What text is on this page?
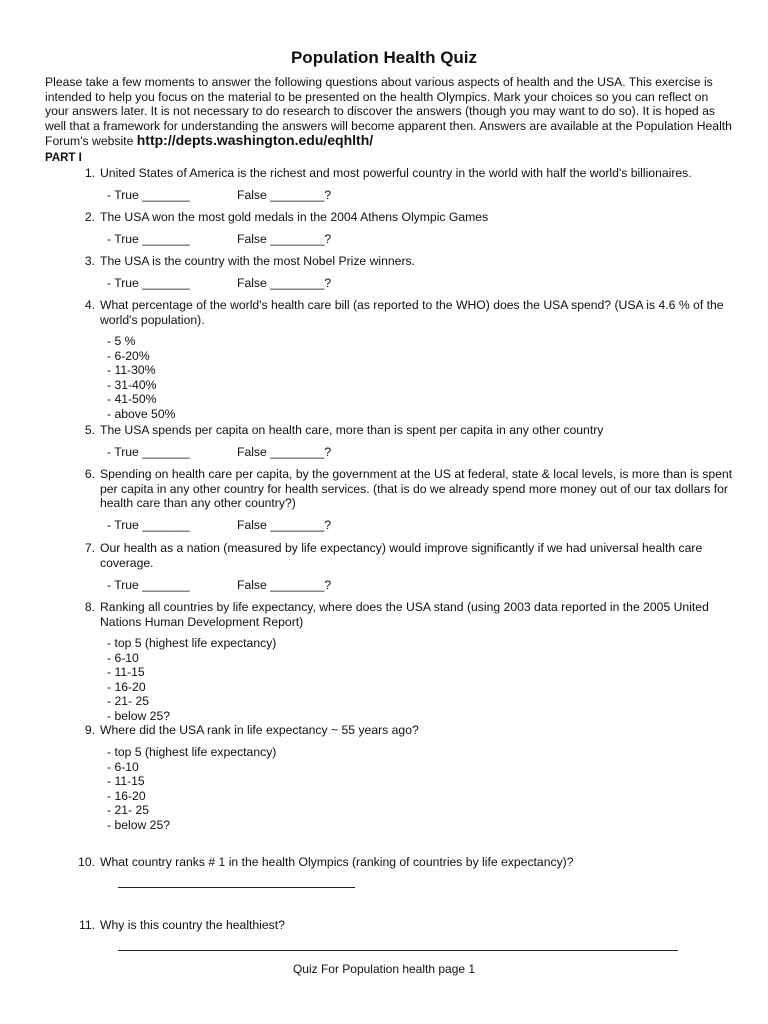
Population Health Quiz
Please take a few moments to answer the following questions about various aspects of health and the USA. This exercise is intended to help you focus on the material to be presented on the health Olympics. Mark your choices so you can reflect on your answers later. It is not necessary to do research to discover the answers (though you may want to do so). It is hoped as well that a framework for understanding the answers will become apparent then. Answers are available at the Population Health Forum's website http://depts.washington.edu/eqhlth/
PART I
1. United States of America is the richest and most powerful country in the world with half the world's billionaires.
- True _______	False ________?
2. The USA won the most gold medals in the 2004 Athens Olympic Games
- True _______	False ________?
3. The USA is the country with the most Nobel Prize winners.
- True _______	False ________?
4. What percentage of the world's health care bill (as reported to the WHO) does the USA spend? (USA is 4.6 % of the world's population).
- 5 %
- 6-20%
- 11-30%
- 31-40%
- 41-50%
- above 50%
5. The USA spends per capita on health care, more than is spent per capita in any other country
- True _______	False ________?
6. Spending on health care per capita, by the government at the US at federal, state & local levels, is more than is spent per capita in any other country for health services. (that is do we already spend more money out of our tax dollars for health care than any other country?)
- True _______	False ________?
7. Our health as a nation (measured by life expectancy) would improve significantly if we had universal health care coverage.
- True _______	False ________?
8. Ranking all countries by life expectancy, where does the USA stand (using 2003 data reported in the 2005 United Nations Human Development Report)
- top 5 (highest life expectancy)
- 6-10
- 11-15
- 16-20
- 21- 25
- below 25?
9. Where did the USA rank in life expectancy ~ 55 years ago?
- top 5 (highest life expectancy)
- 6-10
- 11-15
- 16-20
- 21- 25
- below 25?
10. What country ranks # 1 in the health Olympics (ranking of countries by life expectancy)?
11. Why is this country the healthiest?
Quiz For Population health page 1
